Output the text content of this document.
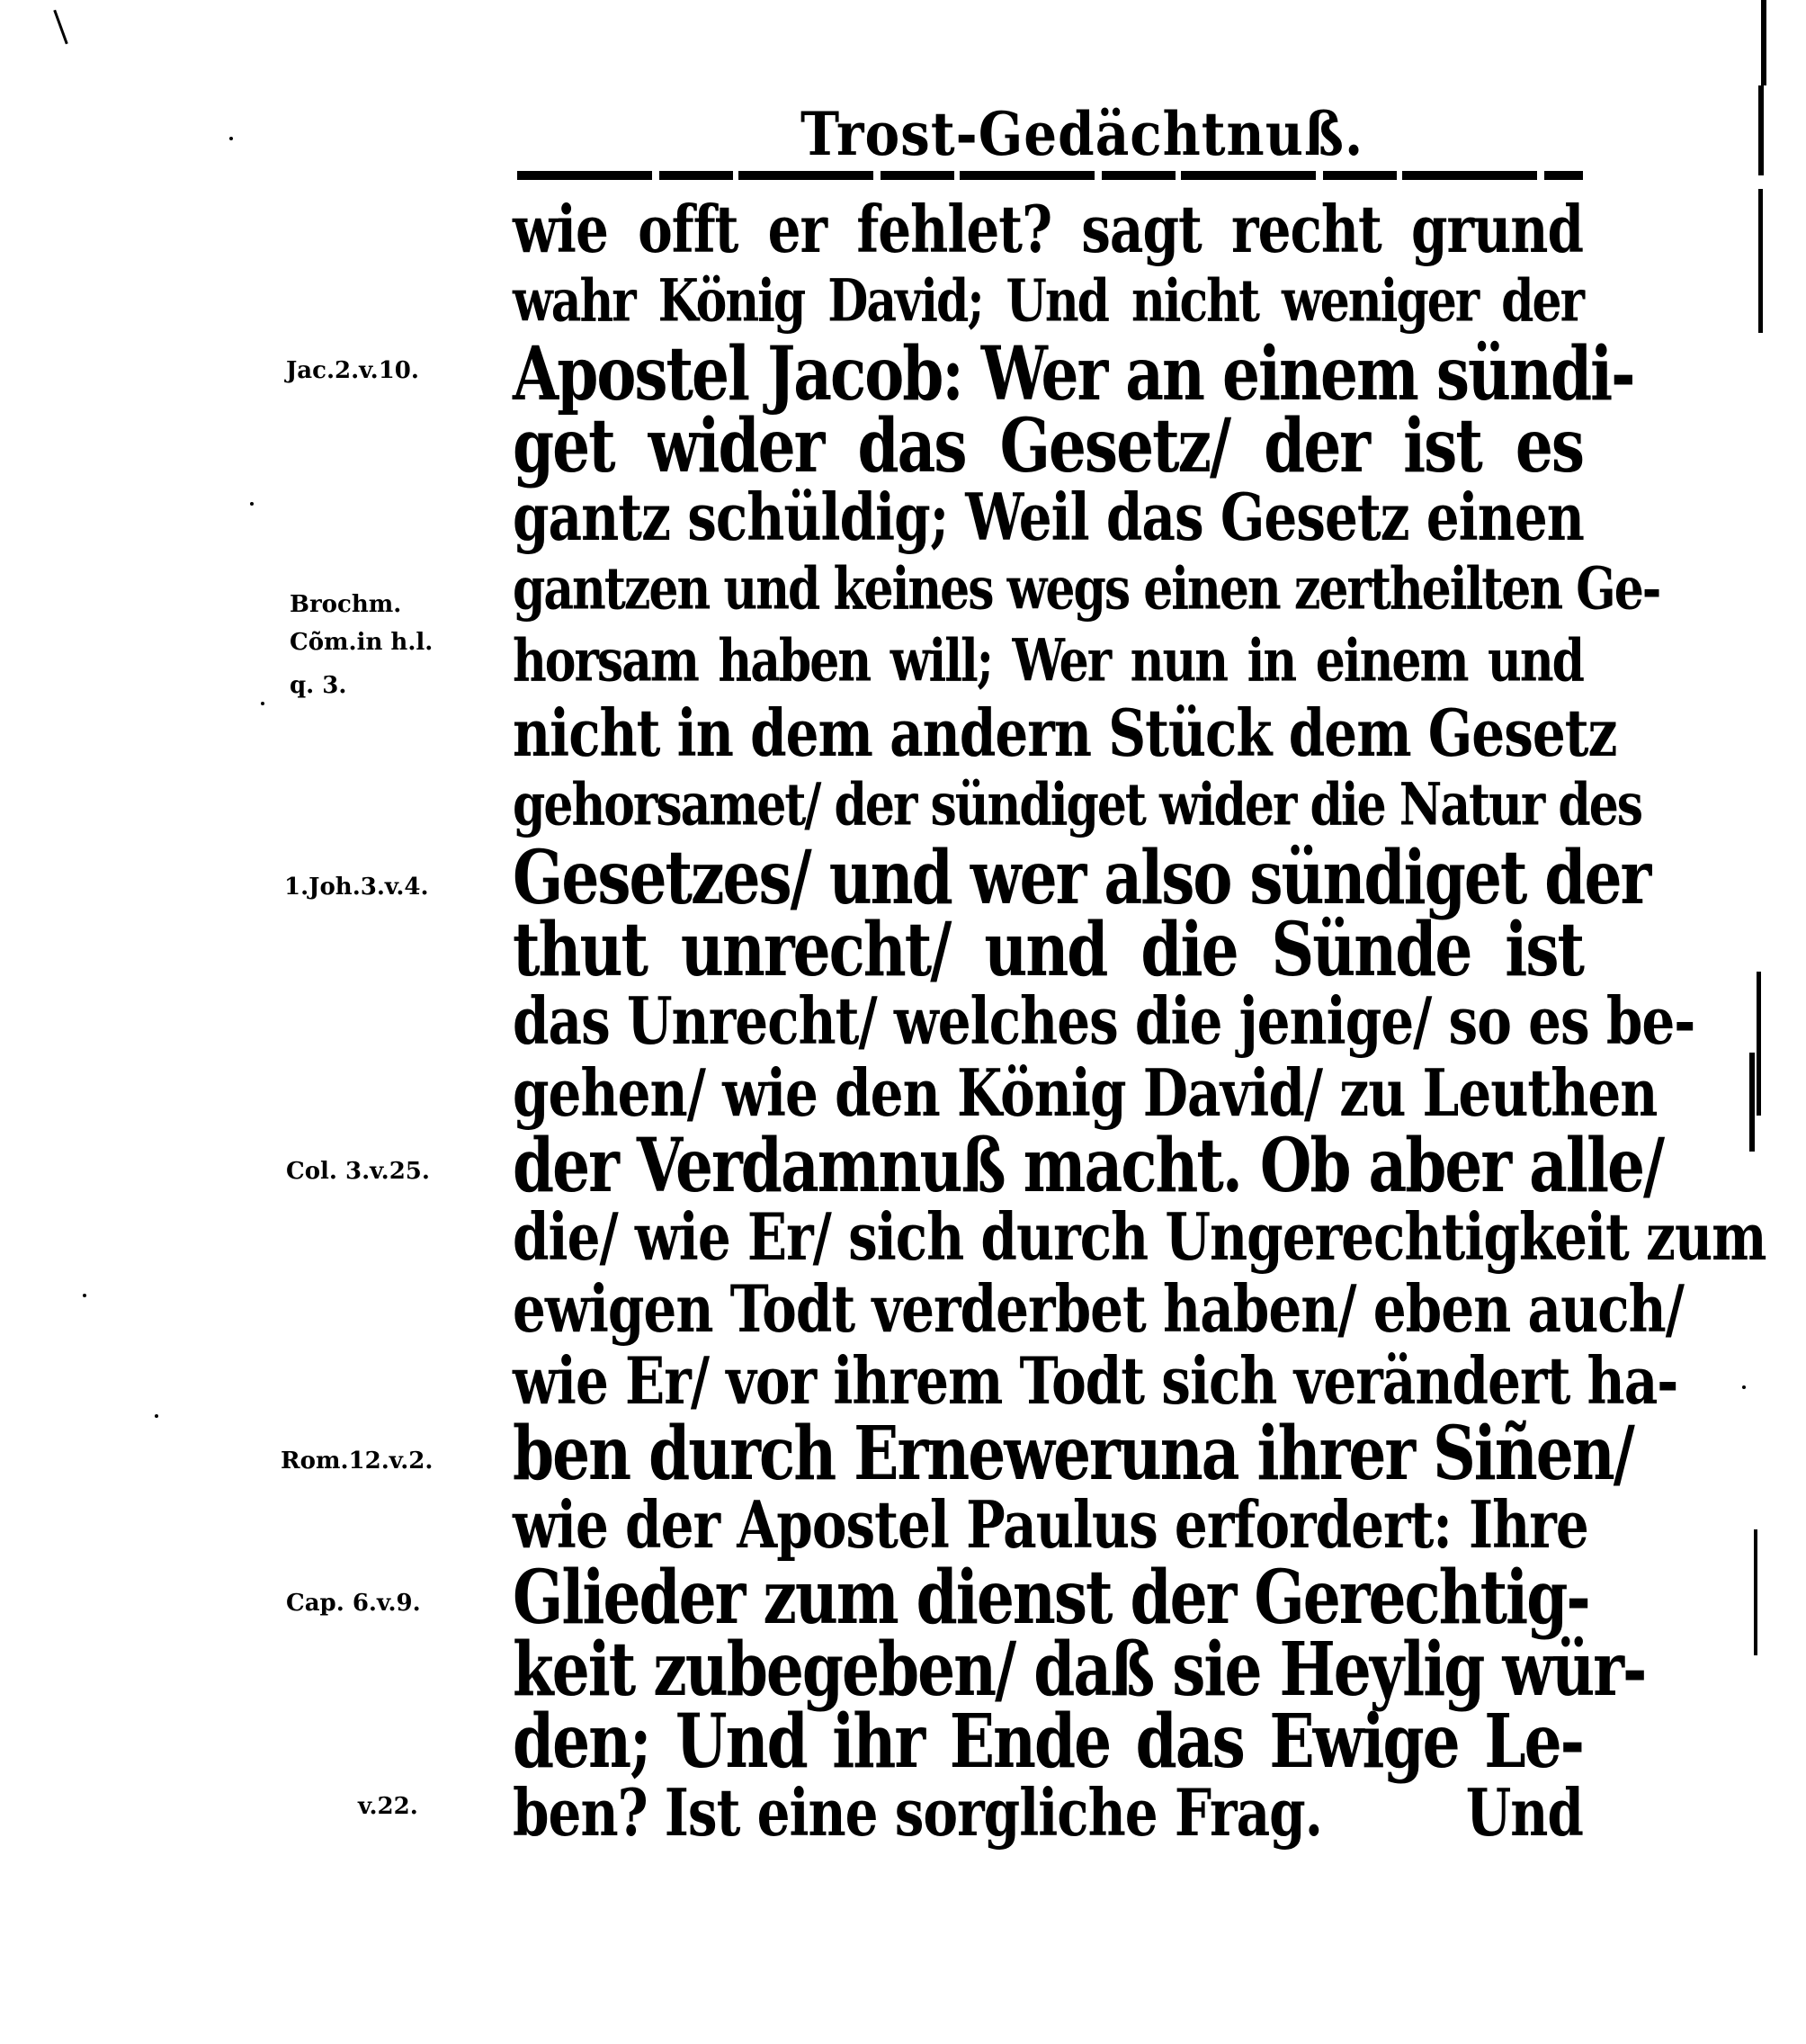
Trost-Gedächtnuß.
Jac.2.v.10.
Brochm.
Cõm.in h.l.
q. 3.
1.Joh.3.v.4.
Col. 3.v.25.
Rom.12.v.2.
Cap. 6.v.9.
v.22.
wie offt er fehlet? sagt recht grund
wahr König David; Und nicht weniger der
Apostel Jacob: Wer an einem sündi-
get wider das Gesetz/ der ist es
gantz schüldig; Weil das Gesetz einen
gantzen und keines wegs einen zertheilten Ge-
horsam haben will; Wer nun in einem und
nicht in dem andern Stück dem Gesetz
gehorsamet/ der sündiget wider die Natur des
Gesetzes/ und wer also sündiget der
thut unrecht/ und die Sünde ist
das Unrecht/ welches die jenige/ so es be-
gehen/ wie den König David/ zu Leuthen
der Verdamnuß macht. Ob aber alle/
die/ wie Er/ sich durch Ungerechtigkeit zum
ewigen Todt verderbet haben/ eben auch/
wie Er/ vor ihrem Todt sich verändert ha-
ben durch Erneweruna ihrer Siñen/
wie der Apostel Paulus erfordert: Ihre
Glieder zum dienst der Gerechtig-
keit zubegeben/ daß sie Heylig wür-
den; Und ihr Ende das Ewige Le-
ben? Ist eine sorgliche Frag.	Und
